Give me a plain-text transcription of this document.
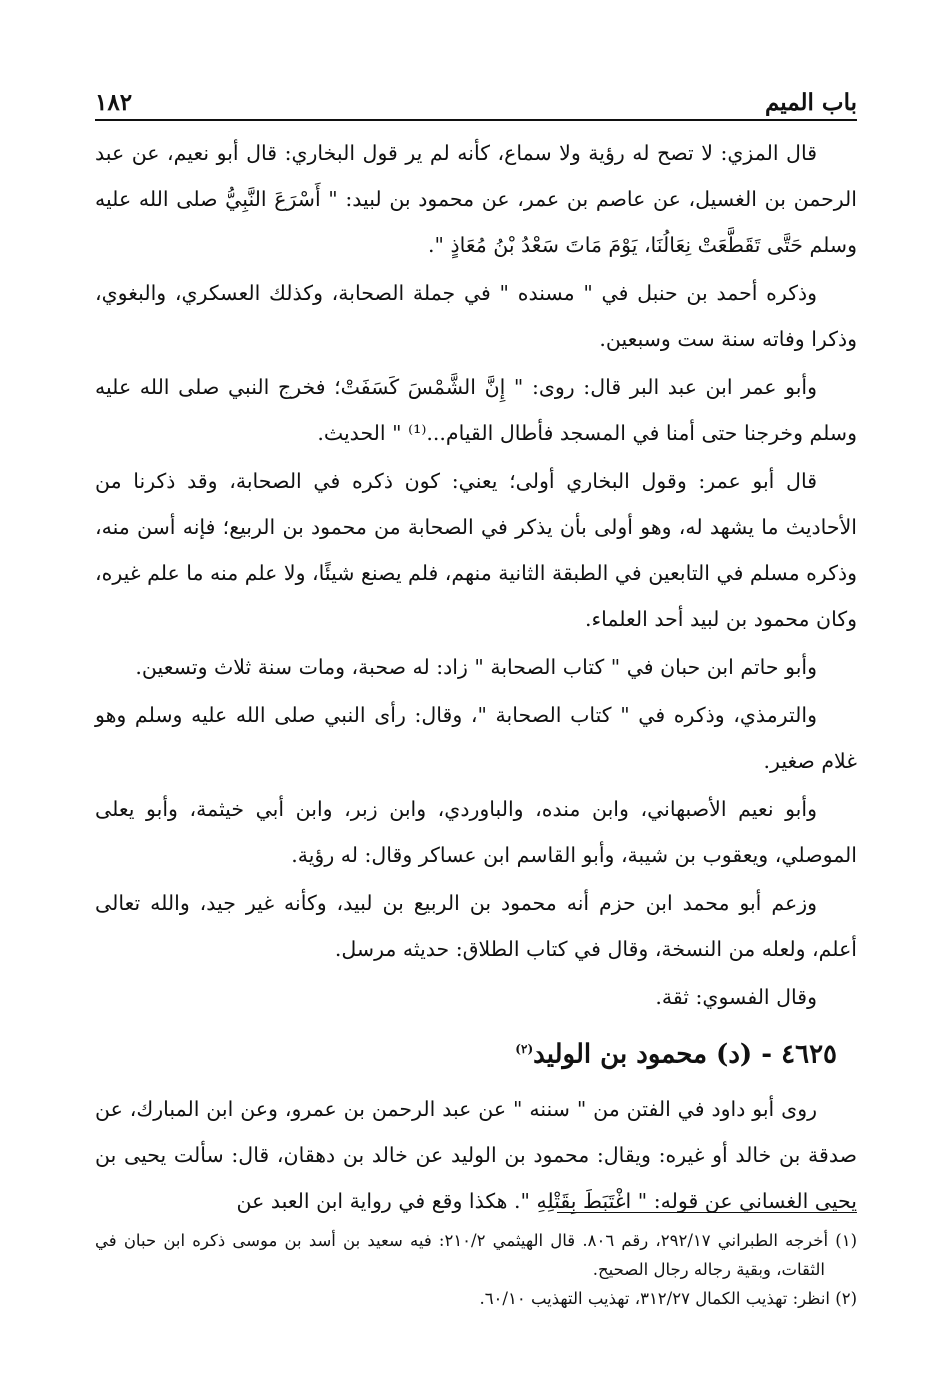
باب الميم
١٨٢

قال المزي: لا تصح له رؤية ولا سماع، كأنه لم ير قول البخاري: قال أبو نعيم، عن عبد الرحمن بن الغسيل، عن عاصم بن عمر، عن محمود بن لبيد: " أَسْرَعَ النَّبِيُّ صلى الله عليه وسلم حَتَّى تَقَطَّعَتْ نِعَالُنَا، يَوْمَ مَاتَ سَعْدُ بْنُ مُعَاذٍ ".

وذكره أحمد بن حنبل في " مسنده " في جملة الصحابة، وكذلك العسكري، والبغوي، وذكرا وفاته سنة ست وسبعين.

وأبو عمر ابن عبد البر قال: روى: " إِنَّ الشَّمْسَ كَسَفَتْ؛ فخرج النبي صلى الله عليه وسلم وخرجنا حتى أمنا في المسجد فأطال القيام...⁽¹⁾ " الحديث.

قال أبو عمر: وقول البخاري أولى؛ يعني: كون ذكره في الصحابة، وقد ذكرنا من الأحاديث ما يشهد له، وهو أولى بأن يذكر في الصحابة من محمود بن الربيع؛ فإنه أسن منه، وذكره مسلم في التابعين في الطبقة الثانية منهم، فلم يصنع شيئًا، ولا علم منه ما علم غيره، وكان محمود بن لبيد أحد العلماء.

وأبو حاتم ابن حبان في " كتاب الصحابة " زاد: له صحبة، ومات سنة ثلاث وتسعين.

والترمذي، وذكره في " كتاب الصحابة "، وقال: رأى النبي صلى الله عليه وسلم وهو غلام صغير.

وأبو نعيم الأصبهاني، وابن منده، والباوردي، وابن زبر، وابن أبي خيثمة، وأبو يعلى الموصلي، ويعقوب بن شيبة، وأبو القاسم ابن عساكر وقال: له رؤية.

وزعم أبو محمد ابن حزم أنه محمود بن الربيع بن لبيد، وكأنه غير جيد، والله تعالى أعلم، ولعله من النسخة، وقال في كتاب الطلاق: حديثه مرسل.

وقال الفسوي: ثقة.

٤٦٢٥ - (د) محمود بن الوليد$^{(٢)}$

روى أبو داود في الفتن من " سننه " عن عبد الرحمن بن عمرو، وعن ابن المبارك، عن صدقة بن خالد أو غيره: ويقال: محمود بن الوليد عن خالد بن دهقان، قال: سألت يحيى بن يحيى الغساني عن قوله: " اغْتَبَطَ بِقَتْلِهِ ". هكذا وقع في رواية ابن العبد عن

(١) أخرجه الطبراني ٢٩٢/١٧، رقم ٨٠٦. قال الهيثمي ٢١٠/٢: فيه سعيد بن أسد بن موسى ذكره ابن حبان في الثقات، وبقية رجاله رجال الصحيح.

(٢) انظر: تهذيب الكمال ٣١٢/٢٧، تهذيب التهذيب ٦٠/١٠.
